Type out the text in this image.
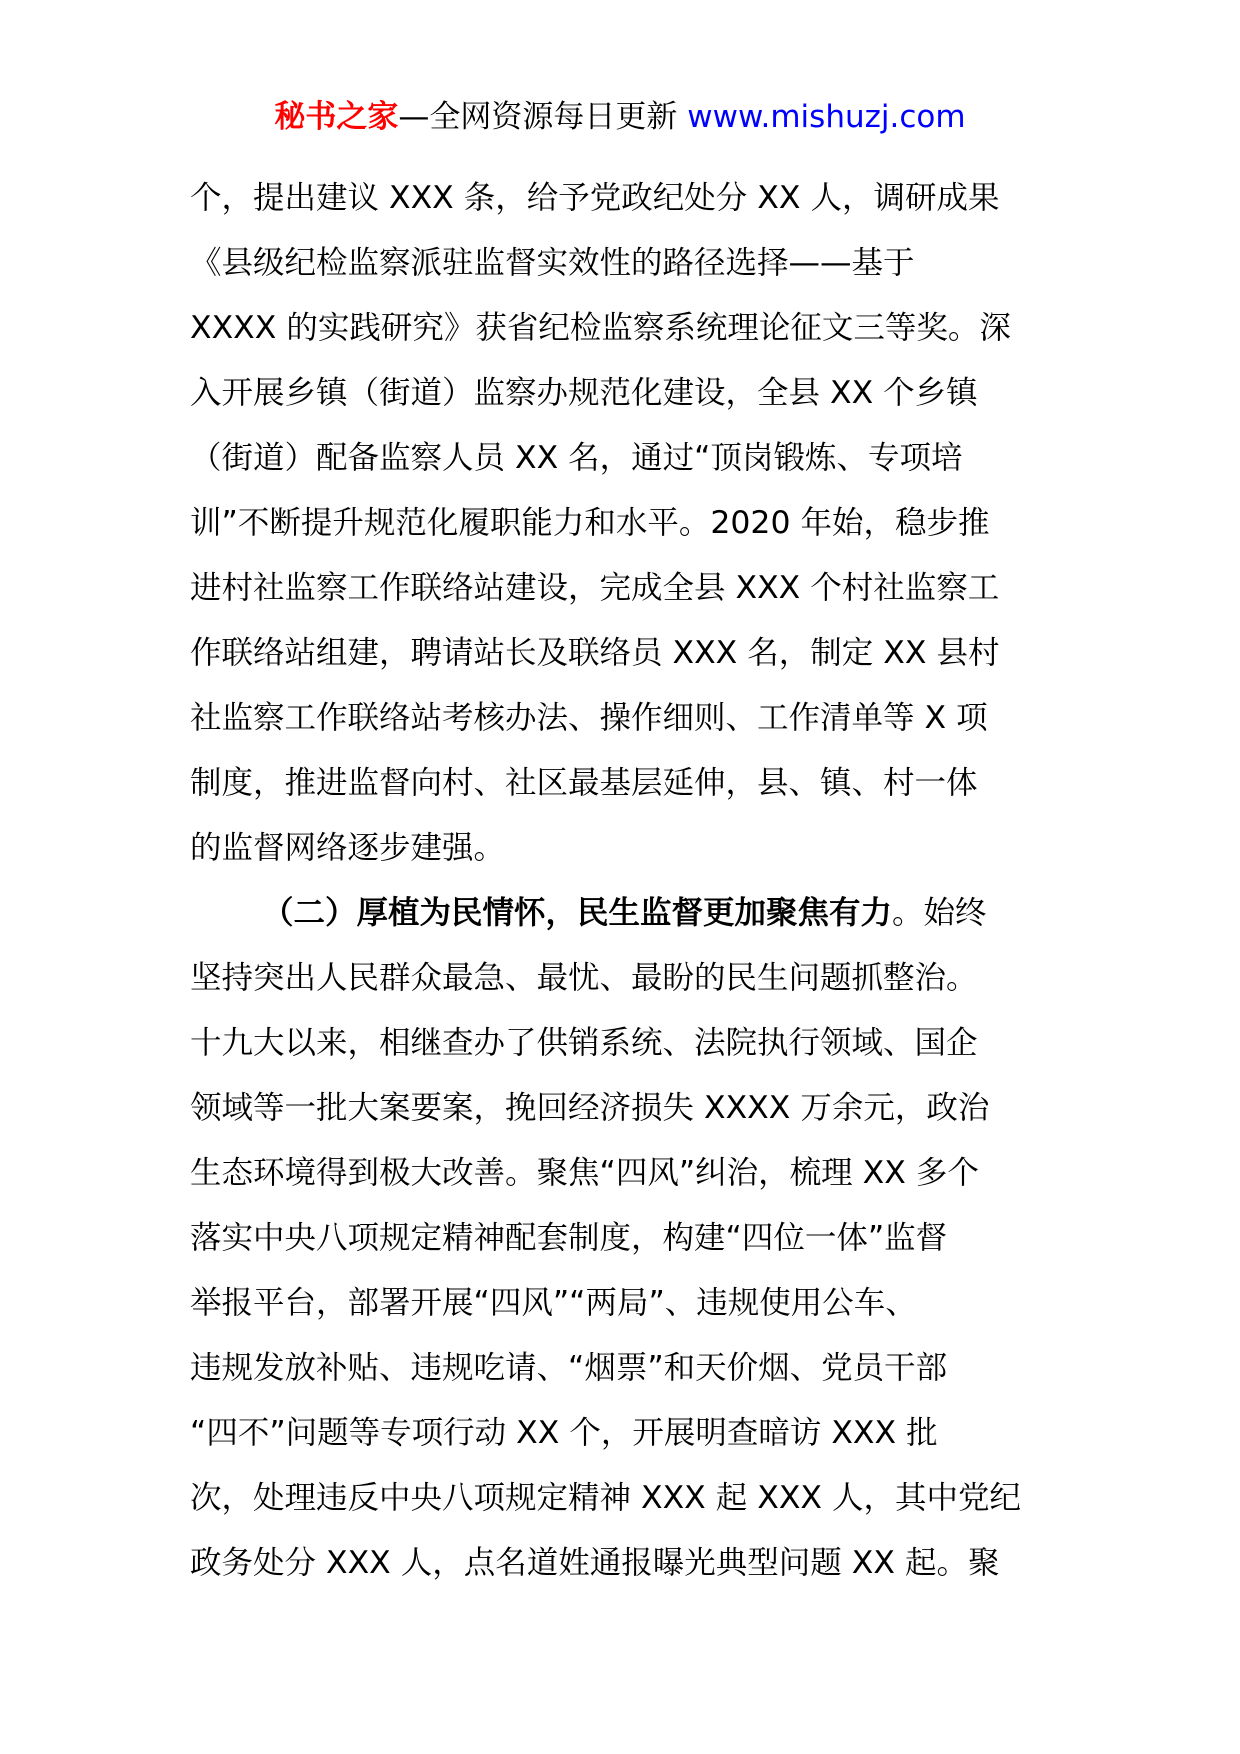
秘书之家—全网资源每日更新 www.mishuzj.com
个，提出建议 XXX 条，给予党政纪处分 XX 人，调研成果
《县级纪检监察派驻监督实效性的路径选择——基于
XXXX 的实践研究》获省纪检监察系统理论征文三等奖。深
入开展乡镇（街道）监察办规范化建设，全县 XX 个乡镇
（街道）配备监察人员 XX 名，通过“顶岗锻炼、专项培
训”不断提升规范化履职能力和水平。2020 年始，稳步推
进村社监察工作联络站建设，完成全县 XXX 个村社监察工
作联络站组建，聘请站长及联络员 XXX 名，制定 XX 县村
社监察工作联络站考核办法、操作细则、工作清单等 X 项
制度，推进监督向村、社区最基层延伸，县、镇、村一体
的监督网络逐步建强。
（二）厚植为民情怀，民生监督更加聚焦有力。始终
坚持突出人民群众最急、最忧、最盼的民生问题抓整治。
十九大以来，相继查办了供销系统、法院执行领域、国企
领域等一批大案要案，挽回经济损失 XXXX 万余元，政治
生态环境得到极大改善。聚焦“四风”纠治，梳理 XX 多个
落实中央八项规定精神配套制度，构建“四位一体”监督
举报平台，部署开展“四风”“两局”、违规使用公车、
违规发放补贴、违规吃请、“烟票”和天价烟、党员干部
“四不”问题等专项行动 XX 个，开展明查暗访 XXX 批
次，处理违反中央八项规定精神 XXX 起 XXX 人，其中党纪
政务处分 XXX 人，点名道姓通报曝光典型问题 XX 起。聚
